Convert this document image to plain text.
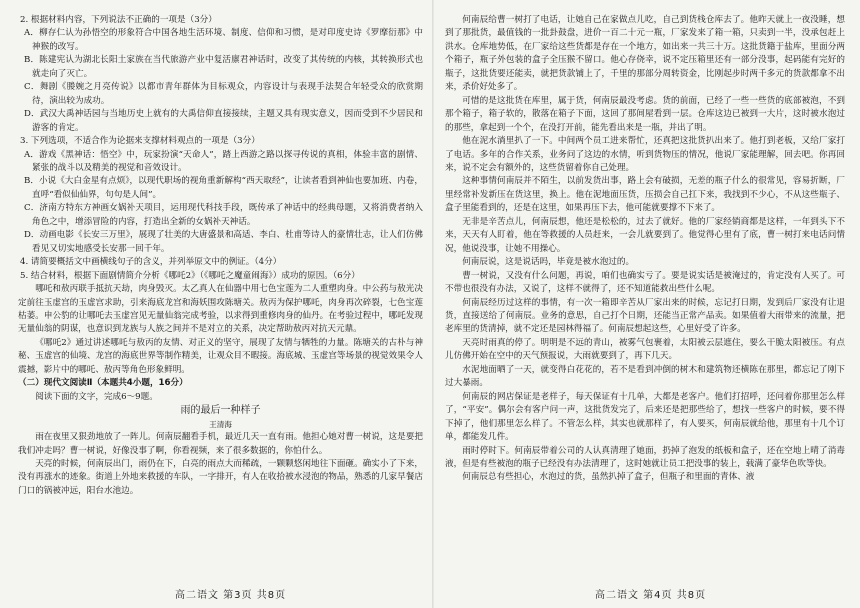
2. 根据材料内容，下列说法不正确的一项是（3分）

A．柳存仁认为孙悟空的形象符合中国各地生活环境、制度、信仰和习惯，是对印度史诗《罗摩衍那》中神猴的改写。

B．陈建宪认为湖北长阳土家族在当代旅游产业中复活廪君神话时，改变了其传统的内核，其转换形式也就走向了灭亡。

C．舞剧《媵婉之月亮传说》以都市青年群体为目标观众，内容设计与表现手法契合年轻受众的欣赏期待，演出较为成功。

D．武汉大禹神话园与当地历史上就有的大禹信仰直接接续，主题又具有现实意义，因而受到不少居民和游客的肯定。

3. 下列选项，不适合作为论据来支撑材料观点的一项是（3分）

A．游戏《黑神话：悟空》中，玩家扮演“天命人”，踏上西游之路以探寻传说的真相，体验丰富的剧情、紧张的战斗以及精美的视觉和音效设计。

B．小说《大白金星有点烦》，以现代职场的视角重新解构“西天取经”，让读者看到神仙也要加班、内卷，直呼“看似仙仙界，句句是人间”。

C．济南方特东方神画女娲补天项目，运用现代科技手段，既传承了神话中的经典母题，又将消费者纳入角色之中，增添冒险的内容，打造出全新的女娲补天神话。

D．动画电影《长安三万里》，展现了壮美的大唐盛景和高适、李白、杜甫等诗人的豪情壮志，让人们仿佛看见又切实地感受长安那一回千年。

4. 请简要概括文中画横线句子的含义，并列举原文中的例证。（4分）

5. 结合材料，根据下面剧情简介分析《哪吒2》（《哪吒之魔童闹海》）成功的原因。（6分）

哪吒和敖丙联手抵抗天劫，肉身毁灭。太乙真人在仙器中用七色宝莲为二人重塑肉身。中公药与敖光决定前往玉虚宫的玉虚宫求助，引来海底龙宫和海妖围攻陈塘关。敖丙为保护哪吒，肉身再次碎裂，七色宝莲枯萎。申公豹的让哪吒去玉虚宫见无量仙翁完成考验，以求得到重修肉身的仙丹。在考验过程中，哪吒发现无量仙翁的阴谋，也意识到龙族与人族之间并不是对立的关系，决定帮助敖丙对抗天元鼎。

《哪吒2》通过讲述哪吒与敖丙的友情、对正义的坚守，展现了友情与牺牲的力量。陈塘关的古朴与神秘、玉虚宫的仙境、龙宫的海底世界等制作精美，让观众目不暇接。海底城、玉虚宫等场景的视觉效果令人震撼，影片中的哪吒、敖丙等角色形象鲜明。

（二）现代文阅读Ⅱ（本题共4小题，16分）

阅读下面的文字，完成6～9题。

雨的最后一种样子

王清海

雨在夜里又狠劲地放了一阵儿。何南辰翻看手机，最近几天一直有雨。他担心她对曹一树说，这是要把我们冲走吗？曹一树说，好像没事了啊，你看视频，来了很多数据的，你怕什么。

天亮的时候，何南辰出门，雨仍在下，白亮的雨点大而稀疏，一颗颗悠闲地往下面砸。确实小了下来，没有再涨水的迹象。街道上外地来救援的车队，一字排开，有人在收拾被水浸泡的物品，熟悉的几家早餐店门口的锅被冲远，阳台水池边。

何南辰给曹一树打了电话，让她自己在家做点儿吃，自己到货栈仓库去了。他昨天就上一夜没睡，想到了那批货，最值钱的一批卦鼓盘，进价一百二十元一瓶，厂家发来了箱一箱，只卖到一半，没承包赶上洪水。仓库地势低，在厂家给这些货都是存在一个地方，如出来一共三十万。这批货籍于盐库，里面分两个箱子，瓶子外包装的盒子全压猴不留口。他心存侥幸，说不定压箱里还有一部分没事，起码能有完好的瓶子，这批货要还能卖，就把货款铺上了，千里的那部分周转资金，比刚起步时两千多元的货款都拿不出来，杀价好处多了。

可惜的是这批货在库里，属于货，何南辰最没考虑。货的前面，已经了一些一些货的底部被泡，不到那个箱子，箱子软的，散落在箱子下面，这回了那间屋看到一层。仓库这边已被到一大片，这时被水泡过的那些，拿起到一个个，在没打开前，能先看出来是一瓶，并出了明。

他在泥水淌里扒了一下。中间两个员工进来帮忙，还真把这批货扒出来了。他打到老板，又给厂家打了电话。多年的合作关系，业务问了这边的水情，听到货物压的情况，他说厂家能理解，回去吧。你再回来，说不定会有额外的，这些货留着你自己处理。

这种事情何南辰并不陌生，以前发货出事，路上会有破损，无差的瓶子什么的很常见，容易折断，厂里经常补发新压在货这里，换上。他在泥地面压货，压损会自己扛下来，我找到不少心，不从这些瓶子、盒子里能看到的，还是在这里，如果再压下去，他可能就要撑不下来了。

无非是辛苦点儿，何南辰想，他还是松松的，过去了就好。他的厂家经销商都是这样，一年到头下不来，天天有人盯着，他在等救援的人员赶来，一会儿就要到了。他觉得心里有了底，曹一树打来电话问情况，他说没事，让她不用操心。

何南辰说，这是说话吗，毕竟是被水泡过的。

曹一树说，又没有什么问题，再说，咱们也确实亏了。要是说实话是被淹过的，肯定没有人买了。可不带也很没有办法，又说了，这样不就得了，还不知道能救出些什么呢。

何南辰经历过这样的事情，有一次一箱即辛苦从厂家出来的时候，忘记打日期，发到后厂家没有让退货，直接送给了何南辰。业务的意思，自己打个日期，还能当正常产品卖。如果值着大雨带来的流量，把老库里的货清掉，就不定还是园林得福了。何南辰想起这些，心里好受了许多。

天亮时雨真的停了。明明是不远的青山，被雾气包裹着，太阳被云层遮住，要么干脆太阳被压。有点儿仿佛开始在空中的天气预报说，大雨就要到了，再下几天。

水泥地面晒了一天，就变得白花花的，若不是看到冲倒的树木和建筑物还横陈在那里，都忘记了刚下过大暴雨。

何南辰的网店保证是老样子，每天保证有十几单，大都是老客户。他们打招呼，还问着你那里怎么样了，“平安”。偶尔会有客户问一声，这批货发完了，后来还是把那些给了，想找一些客户的时候，要不得下掉了，他们那里怎么样了。不管怎么样，其实也就那样了，有人要买，何南辰就给他，那里有十几个订单，都能发几件。

雨时停时下。何南辰带着公司的人认真清理了她面，扔掉了泡发的纸板和盒子，还在空地上晴了消毒液，但是有些被泡的瓶子已经没有办法清理了，这时她就让员工把没事的装上，载满了豪华色吹等快。

何南辰总有些担心，水泡过的货，虽然扒掉了盒子，但瓶子和里面的青体、液

高二语文 第3页 共8页	高二语文 第4页 共8页
